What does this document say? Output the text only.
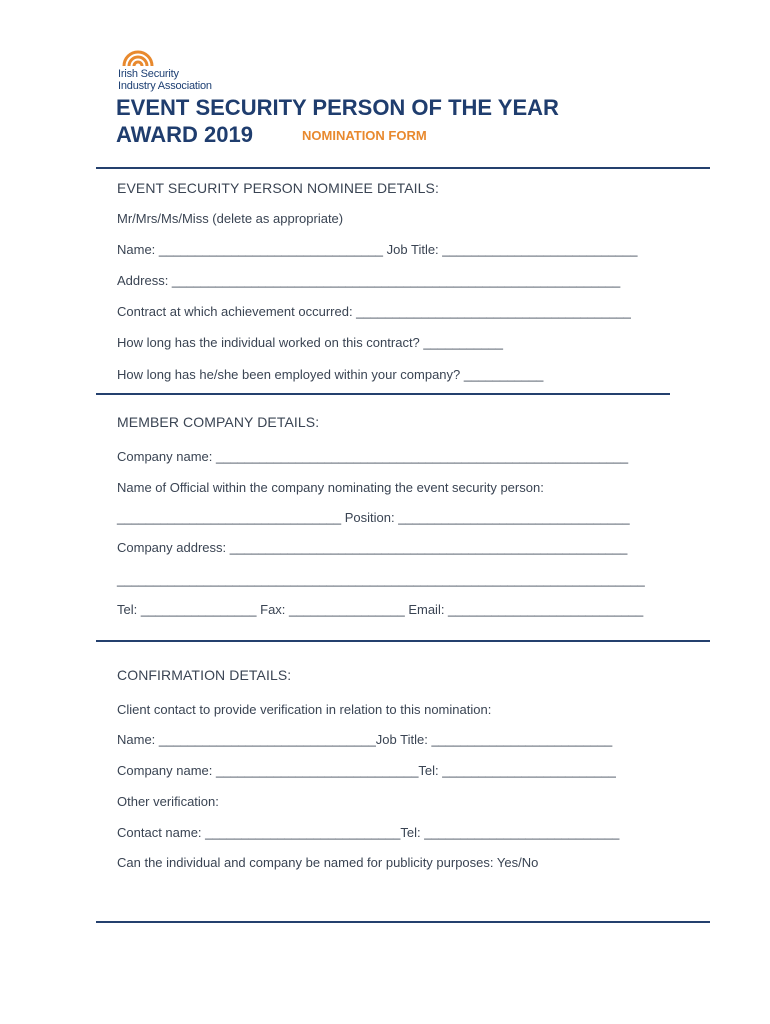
Irish Security
Industry Association
EVENT SECURITY PERSON OF THE YEAR
AWARD 2019	NOMINATION FORM
EVENT SECURITY PERSON NOMINEE DETAILS:
Mr/Mrs/Ms/Miss (delete as appropriate)
Name: _______________________________ Job Title: ___________________________
Address: ______________________________________________________________
Contract at which achievement occurred: ______________________________________
How long has the individual worked on this contract? ___________
How long has he/she been employed within your company? ___________
MEMBER COMPANY DETAILS:
Company name: _________________________________________________________
Name of Official within the company nominating the event security person:
_______________________________ Position: ________________________________
Company address: _______________________________________________________
_________________________________________________________________________
Tel: ________________ Fax: ________________ Email: ___________________________
CONFIRMATION DETAILS:
Client contact to provide verification in relation to this nomination:
Name: ______________________________Job Title: _________________________
Company name: ____________________________Tel: ________________________
Other verification:
Contact name: ___________________________Tel: ___________________________
Can the individual and company be named for publicity purposes: Yes/No
